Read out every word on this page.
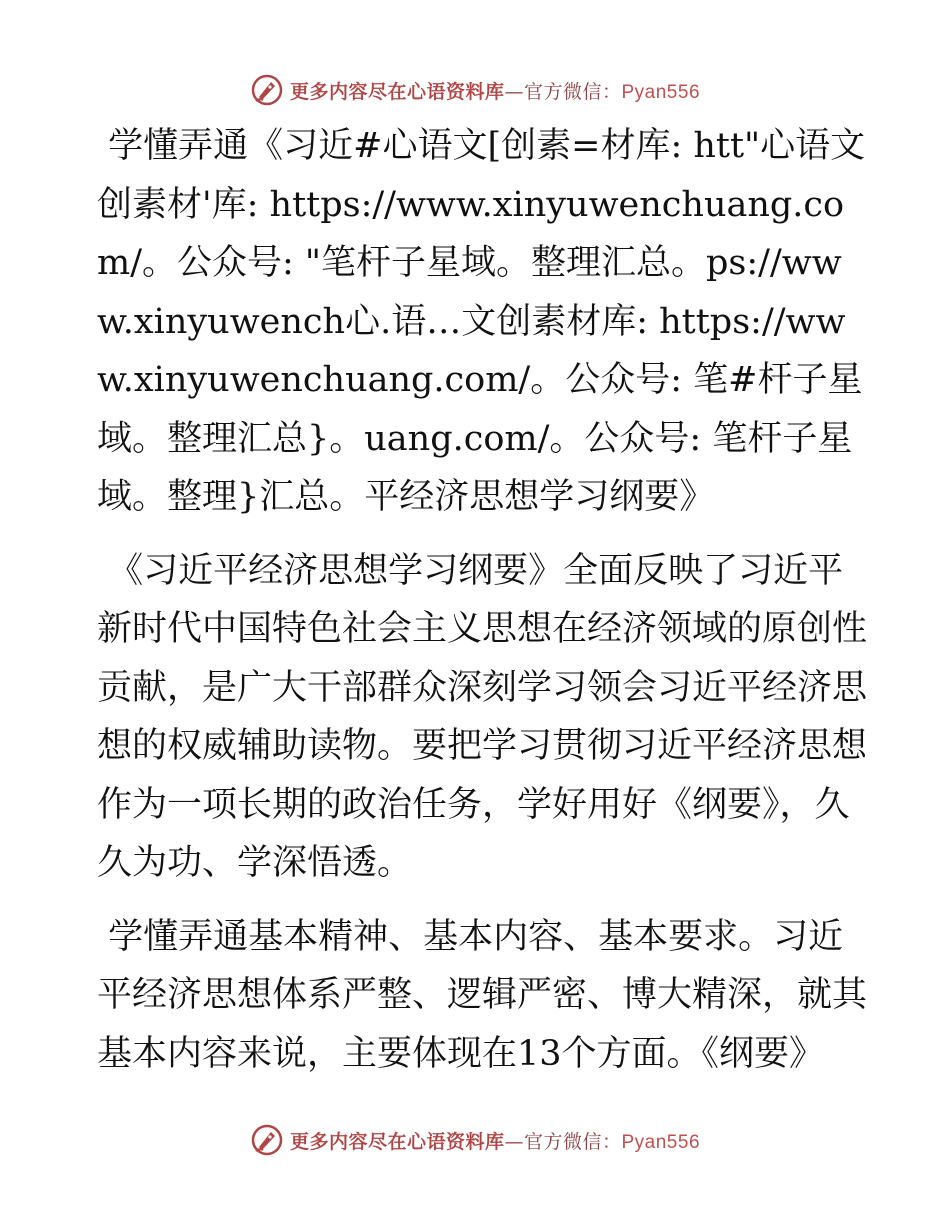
更多内容尽在心语资料库—官方微信：Pyan556

学懂弄通《习近#心语文[创素=材库: htt"心语文创素材'库: https://www.xinyuwenchuang.com/。公众号: "笔杆子星域。整理汇总。ps://www.xinyuwench心.语…文创素材库: https://www.xinyuwenchuang.com/。公众号: 笔#杆子星域。整理汇总}。uang.com/。公众号: 笔杆子星域。整理}汇总。平经济思想学习纲要》

《习近平经济思想学习纲要》全面反映了习近平新时代中国特色社会主义思想在经济领域的原创性贡献，是广大干部群众深刻学习领会习近平经济思想的权威辅助读物。要把学习贯彻习近平经济思想作为一项长期的政治任务，学好用好《纲要》，久久为功、学深悟透。

学懂弄通基本精神、基本内容、基本要求。习近平经济思想体系严整、逻辑严密、博大精深，就其基本内容来说，主要体现在13个方面。《纲要》

更多内容尽在心语资料库—官方微信：Pyan556
